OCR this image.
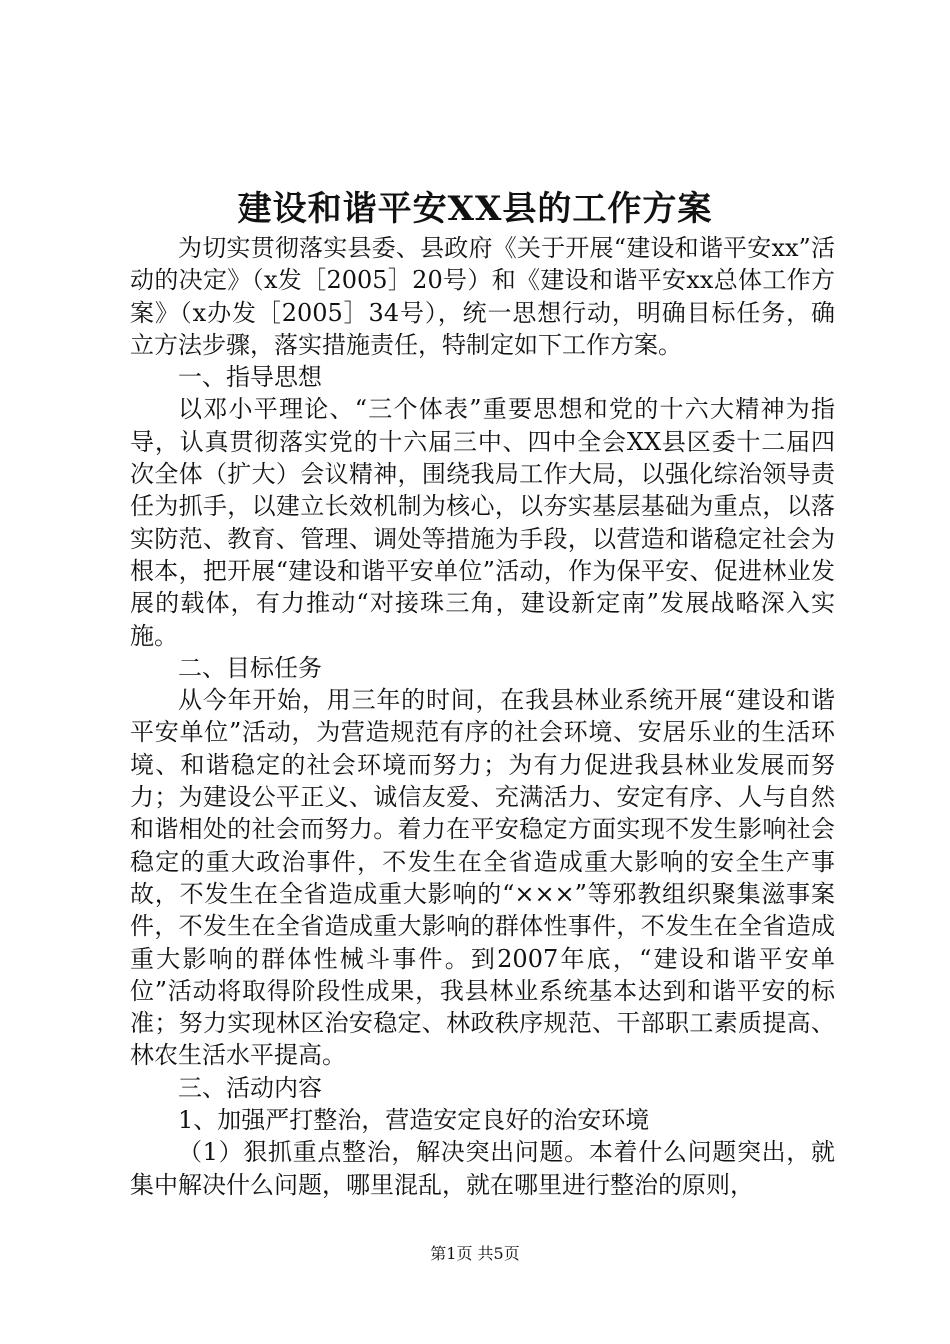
建设和谐平安XX县的工作方案

为切实贯彻落实县委、县政府《关于开展“建设和谐平安xx”活动的决定》（x发［2005］20号）和《建设和谐平安xx总体工作方案》（x办发［2005］34号），统一思想行动，明确目标任务，确立方法步骤，落实措施责任，特制定如下工作方案。

一、指导思想

以邓小平理论、“三个体表”重要思想和党的十六大精神为指导，认真贯彻落实党的十六届三中、四中全会XX县区委十二届四次全体（扩大）会议精神，围绕我局工作大局，以强化综治领导责任为抓手，以建立长效机制为核心，以夯实基层基础为重点，以落实防范、教育、管理、调处等措施为手段，以营造和谐稳定社会为根本，把开展“建设和谐平安单位”活动，作为保平安、促进林业发展的载体，有力推动“对接珠三角，建设新定南”发展战略深入实施。

二、目标任务

从今年开始，用三年的时间，在我县林业系统开展“建设和谐平安单位”活动，为营造规范有序的社会环境、安居乐业的生活环境、和谐稳定的社会环境而努力；为有力促进我县林业发展而努力；为建设公平正义、诚信友爱、充满活力、安定有序、人与自然和谐相处的社会而努力。着力在平安稳定方面实现不发生影响社会稳定的重大政治事件，不发生在全省造成重大影响的安全生产事故，不发生在全省造成重大影响的“×××”等邪教组织聚集滋事案件，不发生在全省造成重大影响的群体性事件，不发生在全省造成重大影响的群体性械斗事件。到2007年底，“建设和谐平安单位”活动将取得阶段性成果，我县林业系统基本达到和谐平安的标准；努力实现林区治安稳定、林政秩序规范、干部职工素质提高、林农生活水平提高。

三、活动内容

1、加强严打整治，营造安定良好的治安环境

（1）狠抓重点整治，解决突出问题。本着什么问题突出，就集中解决什么问题，哪里混乱，就在哪里进行整治的原则，

第1页 共5页
